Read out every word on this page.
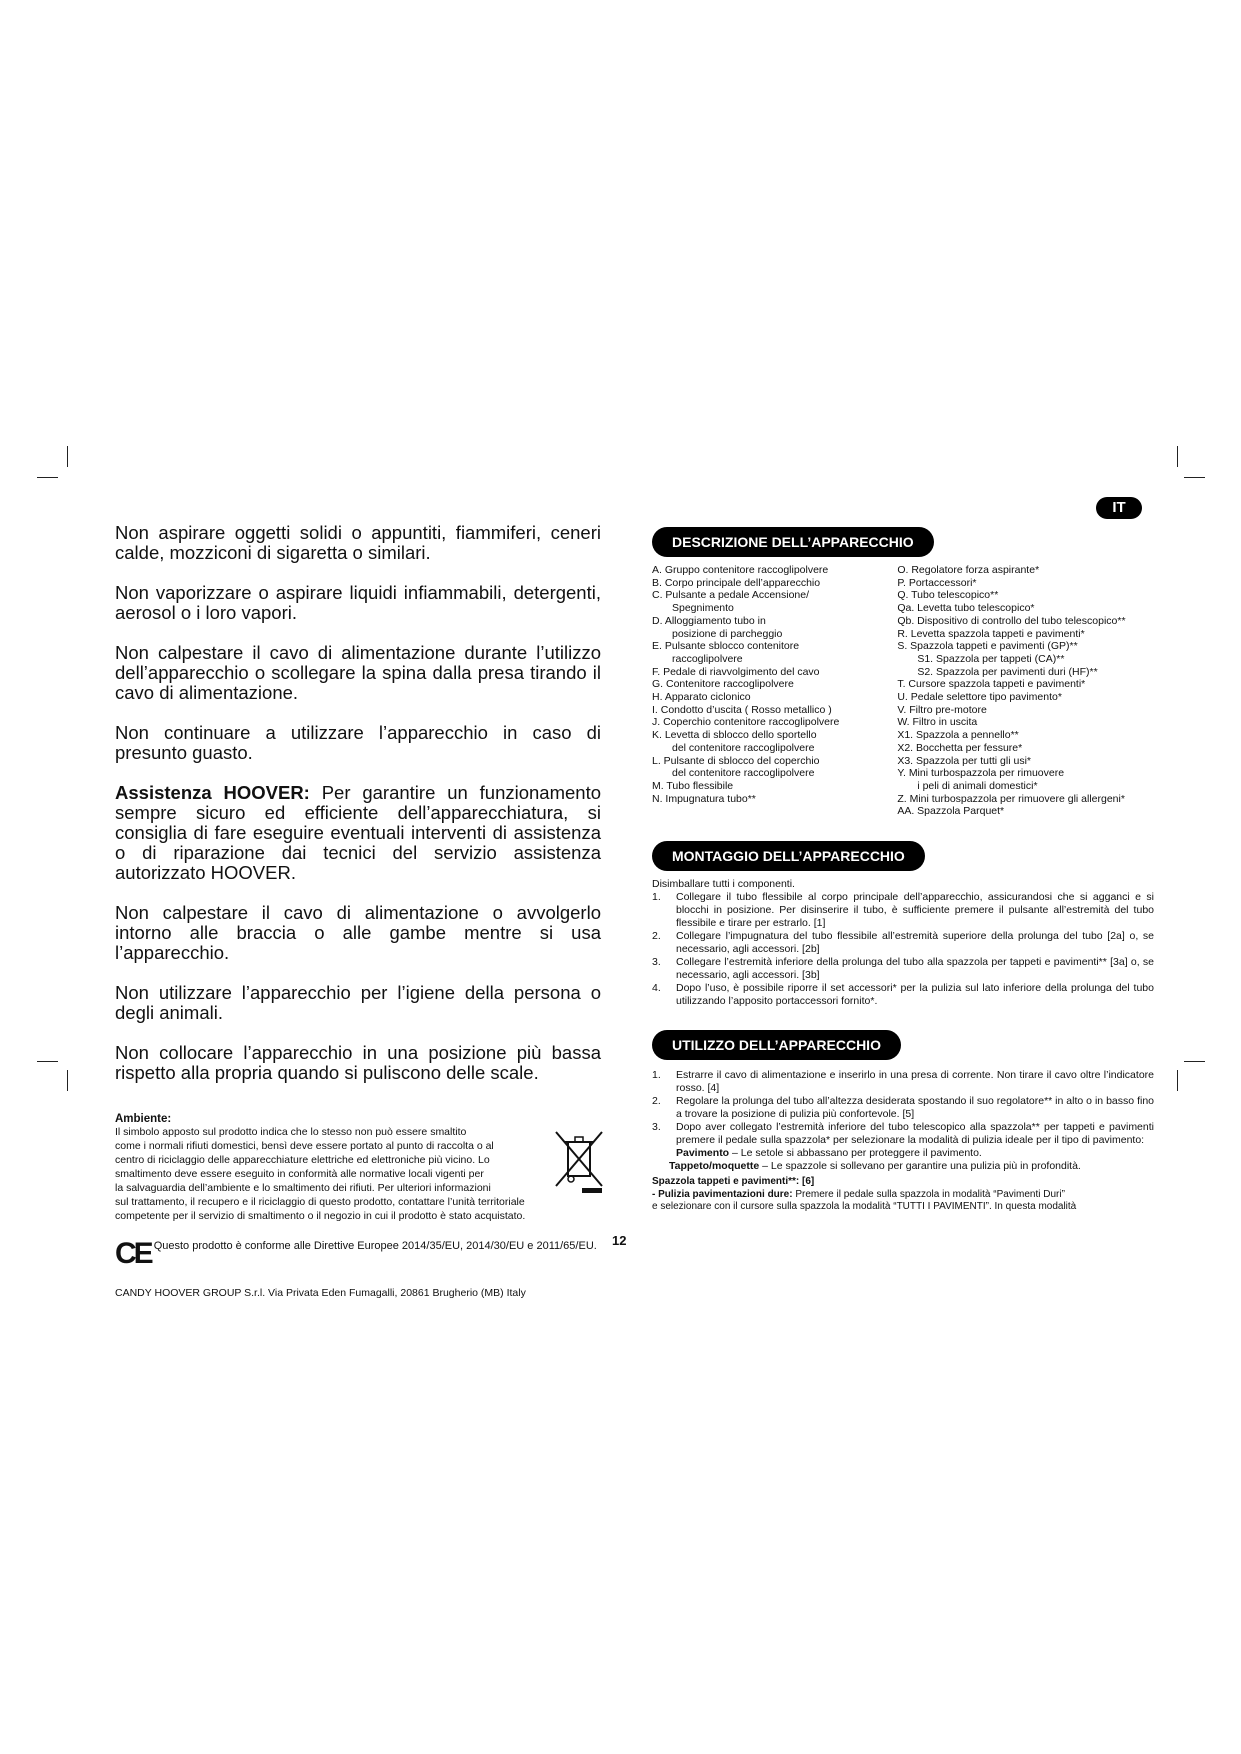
IT

Non aspirare oggetti solidi o appuntiti, fiammiferi, ceneri calde, mozziconi di sigaretta o similari.

Non vaporizzare o aspirare liquidi infiammabili, detergenti, aerosol o i loro vapori.

Non calpestare il cavo di alimentazione durante l’utilizzo dell’apparecchio o scollegare la spina dalla presa tirando il cavo di alimentazione.

Non continuare a utilizzare l’apparecchio in caso di presunto guasto.

Assistenza HOOVER: Per garantire un funzionamento sempre sicuro ed efficiente dell’apparecchiatura, si consiglia di fare eseguire eventuali interventi di assistenza o di riparazione dai tecnici del servizio assistenza autorizzato HOOVER.

Non calpestare il cavo di alimentazione o avvolgerlo intorno alle braccia o alle gambe mentre si usa l’apparecchio.

Non utilizzare l’apparecchio per l’igiene della persona o degli animali.

Non collocare l’apparecchio in una posizione più bassa rispetto alla propria quando si puliscono delle scale.

Ambiente:
Il simbolo apposto sul prodotto indica che lo stesso non può essere smaltito
come i normali rifiuti domestici, bensì deve essere portato al punto di raccolta o al
centro di riciclaggio delle apparecchiature elettriche ed elettroniche più vicino. Lo
smaltimento deve essere eseguito in conformità alle normative locali vigenti per
la salvaguardia dell’ambiente e lo smaltimento dei rifiuti. Per ulteriori informazioni
sul trattamento, il recupero e il riciclaggio di questo prodotto, contattare l’unità territoriale
competente per il servizio di smaltimento o il negozio in cui il prodotto è stato acquistato.
CE Questo prodotto è conforme alle Direttive Europee 2014/35/EU, 2014/30/EU e 2011/65/EU.
CANDY HOOVER GROUP S.r.l. Via Privata Eden Fumagalli, 20861 Brugherio (MB) Italy
12
DESCRIZIONE DELL’APPARECCHIO
A. Gruppo contenitore raccoglipolvere
B. Corpo principale dell’apparecchio
C. Pulsante a pedale Accensione/
Spegnimento
D. Alloggiamento tubo in
posizione di parcheggio
E. Pulsante sblocco contenitore
raccoglipolvere
F. Pedale di riavvolgimento del cavo
G. Contenitore raccoglipolvere
H. Apparato ciclonico
I. Condotto d’uscita ( Rosso metallico )
J. Coperchio contenitore raccoglipolvere
K. Levetta di sblocco dello sportello
del contenitore raccoglipolvere
L. Pulsante di sblocco del coperchio
del contenitore raccoglipolvere
M. Tubo flessibile
N. Impugnatura tubo**
O. Regolatore forza aspirante*
P. Portaccessori*
Q. Tubo telescopico**
Qa. Levetta tubo telescopico*
Qb. Dispositivo di controllo del tubo telescopico**
R. Levetta spazzola tappeti e pavimenti*
S. Spazzola tappeti e pavimenti (GP)**
S1. Spazzola per tappeti (CA)**
S2. Spazzola per pavimenti duri (HF)**
T. Cursore spazzola tappeti e pavimenti*
U. Pedale selettore tipo pavimento*
V. Filtro pre-motore
W. Filtro in uscita
X1. Spazzola a pennello**
X2. Bocchetta per fessure*
X3. Spazzola per tutti gli usi*
Y. Mini turbospazzola per rimuovere
i peli di animali domestici*
Z. Mini turbospazzola per rimuovere gli allergeni*
AA. Spazzola Parquet*
MONTAGGIO DELL’APPARECCHIO
Disimballare tutti i componenti.
1.	Collegare il tubo flessibile al corpo principale dell’apparecchio, assicurandosi che si agganci e si blocchi in posizione. Per disinserire il tubo, è sufficiente premere il pulsante all’estremità del tubo flessibile e tirare per estrarlo. [1]
2.	Collegare l’impugnatura del tubo flessibile all’estremità superiore della prolunga del tubo [2a] o, se necessario, agli accessori. [2b]
3.	Collegare l’estremità inferiore della prolunga del tubo alla spazzola per tappeti e pavimenti** [3a] o, se necessario, agli accessori. [3b]
4.	Dopo l’uso, è possibile riporre il set accessori* per la pulizia sul lato inferiore della prolunga del tubo utilizzando l’apposito portaccessori fornito*.
UTILIZZO DELL’APPARECCHIO
1.	Estrarre il cavo di alimentazione e inserirlo in una presa di corrente. Non tirare il cavo oltre l’indicatore rosso. [4]
2.	Regolare la prolunga del tubo all’altezza desiderata spostando il suo regolatore** in alto o in basso fino a trovare la posizione di pulizia più confortevole. [5]
3.	Dopo aver collegato l’estremità inferiore del tubo telescopico alla spazzola** per tappeti e pavimenti premere il pedale sulla spazzola* per selezionare la modalità di pulizia ideale per il tipo di pavimento:
Pavimento – Le setole si abbassano per proteggere il pavimento.
Tappeto/moquette – Le spazzole si sollevano per garantire una pulizia più in profondità.
Spazzola tappeti e pavimenti**: [6]
- Pulizia pavimentazioni dure: Premere il pedale sulla spazzola in modalità “Pavimenti Duri”
e selezionare con il cursore sulla spazzola la modalità “TUTTI I PAVIMENTI”. In questa modalità
